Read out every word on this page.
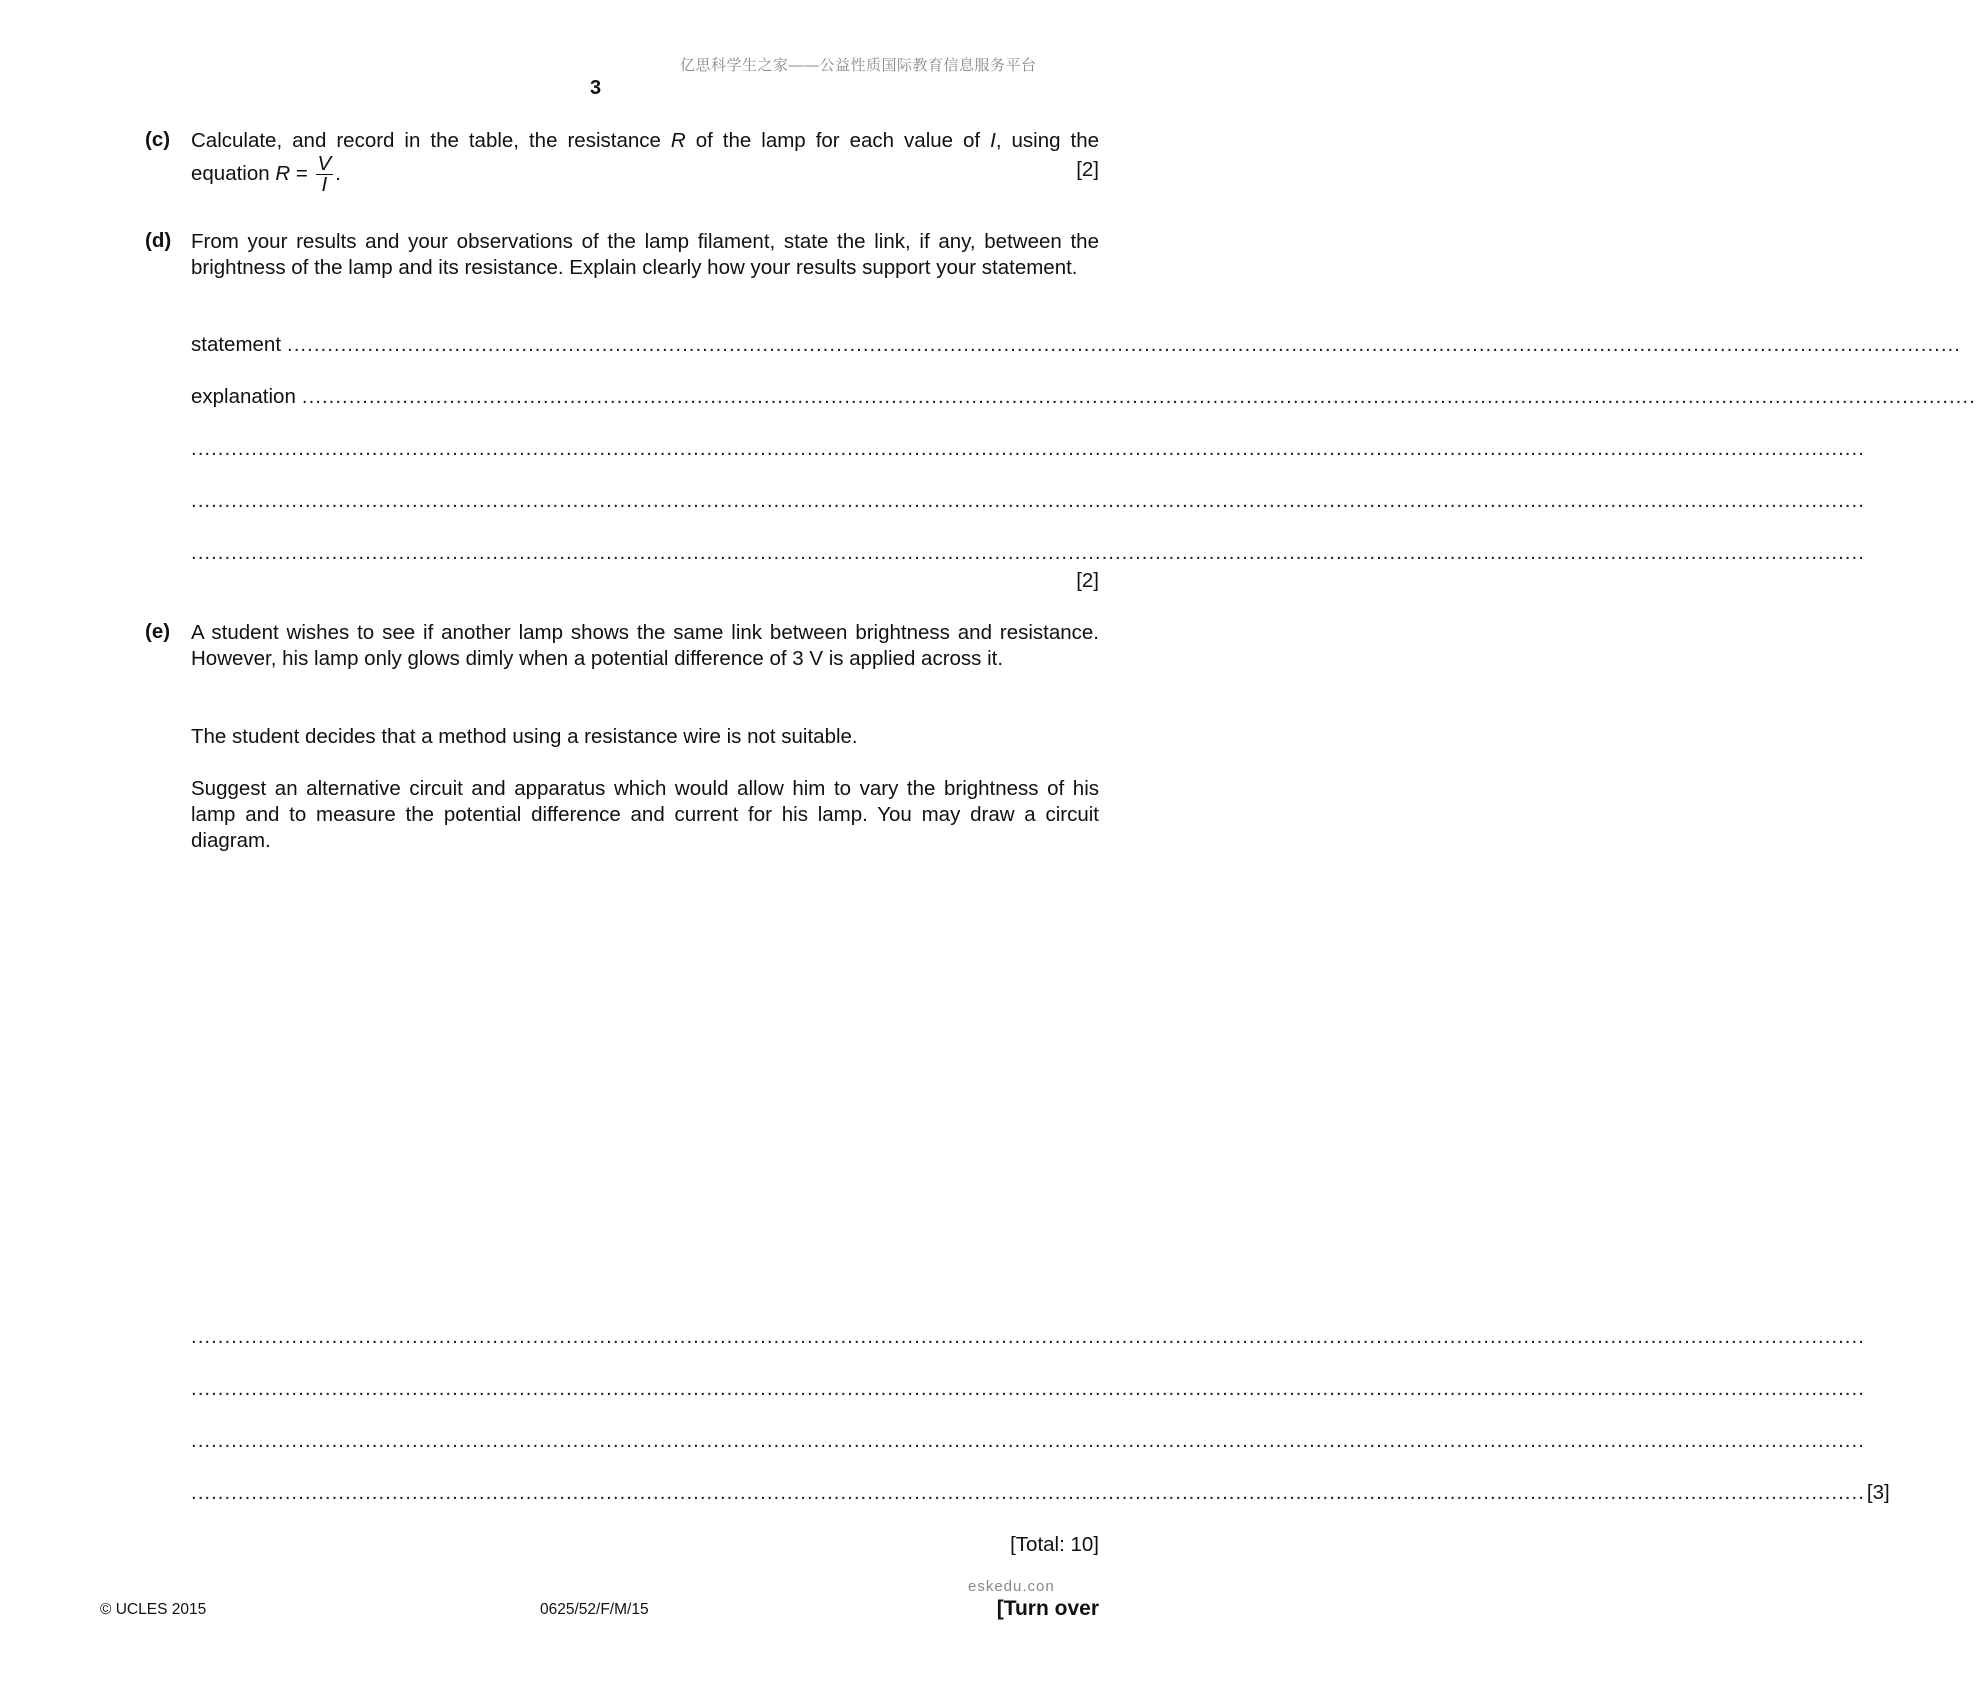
亿思科学生之家——公益性质国际教育信息服务平台
3
(c) Calculate, and record in the table, the resistance R of the lamp for each value of I, using the equation $R = \frac{V}{I}$ .	[2]
(d) From your results and your observations of the lamp filament, state the link, if any, between the brightness of the lamp and its resistance. Explain clearly how your results support your statement.
statement ..........................................................................................................................................................................................................................................................
explanation ..........................................................................................................................................................................................................................................................
..........................................................................................................................................................................................................................................................
..........................................................................................................................................................................................................................................................
..........................................................................................................................................................................................................................................................
[2]
(e) A student wishes to see if another lamp shows the same link between brightness and resistance. However, his lamp only glows dimly when a potential difference of 3 V is applied across it.
The student decides that a method using a resistance wire is not suitable.
Suggest an alternative circuit and apparatus which would allow him to vary the brightness of his lamp and to measure the potential difference and current for his lamp. You may draw a circuit diagram.
..........................................................................................................................................................................................................................................................
..........................................................................................................................................................................................................................................................
..........................................................................................................................................................................................................................................................
.......................................................................................................................................................................................................................................................... [3]
[Total: 10]
eskedu.con
© UCLES 2015	0625/52/F/M/15	[Turn over
